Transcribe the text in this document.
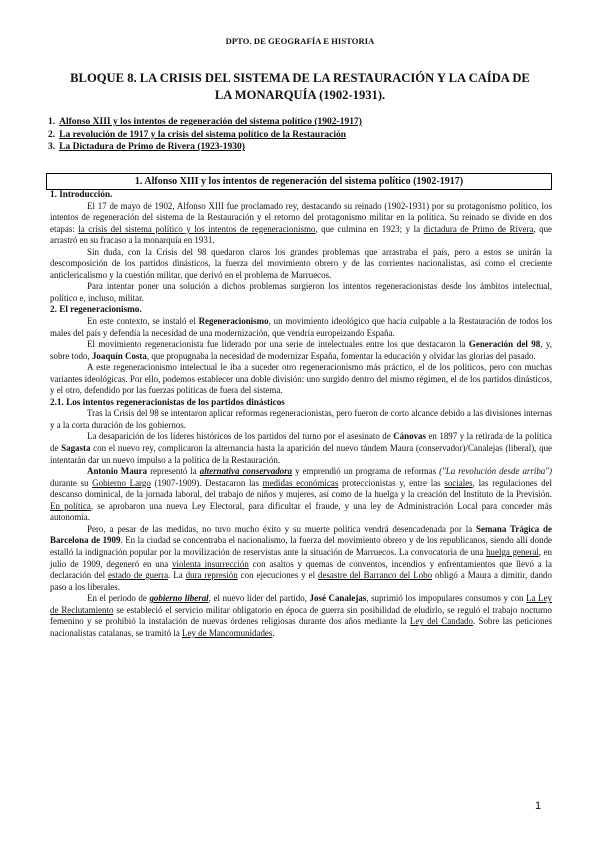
DPTO. DE GEOGRAFÍA E HISTORIA
BLOQUE 8. LA CRISIS DEL SISTEMA DE LA RESTAURACIÓN Y LA CAÍDA DE
LA MONARQUÍA (1902-1931).
1. Alfonso XIII y los intentos de regeneración del sistema político (1902-1917)
2. La revolución de 1917 y la crisis del sistema político de la Restauración
3. La Dictadura de Primo de Rivera (1923-1930)
1. Alfonso XIII y los intentos de regeneración del sistema político (1902-1917)
1. Introducción.

El 17 de mayo de 1902, Alfonso XIII fue proclamado rey, destacando su reinado (1902-1931) por su protagonismo político, los intentos de regeneración del sistema de la Restauración y el retorno del protagonismo militar en la política. Su reinado se divide en dos etapas: la crisis del sistema político y los intentos de regeneracionismo, que culmina en 1923; y la dictadura de Primo de Rivera, que arrastró en su fracaso a la monarquía en 1931.

Sin duda, con la Crisis del 98 quedaron claros los grandes problemas que arrastraba el país, pero a estos se unirán la descomposición de los partidos dinásticos, la fuerza del movimiento obrero y de las corrientes nacionalistas, así como el creciente anticlericalismo y la cuestión militar, que derivó en el problema de Marruecos.

Para intentar poner una solución a dichos problemas surgieron los intentos regeneracionistas desde los ámbitos intelectual, político e, incluso, militar.

2. El regeneracionismo.

En este contexto, se instaló el Regeneracionismo, un movimiento ideológico que hacía culpable a la Restauración de todos los males del país y defendía la necesidad de una modernización, que vendría europeizando España.

El movimiento regeneracionista fue liderado por una serie de intelectuales entre los que destacaron la Generación del 98, y, sobre todo, Joaquín Costa, que propugnaba la necesidad de modernizar España, fomentar la educación y olvidar las glorias del pasado.

A este regeneracionismo intelectual le iba a suceder otro regeneracionismo más práctico, el de los políticos, pero con muchas variantes ideológicas. Por ello, podemos establecer una doble división: uno surgido dentro del mismo régimen, el de los partidos dinásticos, y el otro, defendido por las fuerzas políticas de fuera del sistema.

2.1. Los intentos regeneracionistas de los partidos dinásticos

Tras la Crisis del 98 se intentaron aplicar reformas regeneracionistas, pero fueron de corto alcance debido a las divisiones internas y a la corta duración de los gobiernos.

La desaparición de los líderes históricos de los partidos del turno por el asesinato de Cánovas en 1897 y la retirada de la política de Sagasta con el nuevo rey, complicaron la alternancia hasta la aparición del nuevo tándem Maura (conservador)/Canalejas (liberal), que intentarán dar un nuevo impulso a la política de la Restauración.

Antonio Maura representó la alternativa conservadora y emprendió un programa de reformas ("La revolución desde arriba") durante su Gobierno Largo (1907-1909). Destacaron las medidas económicas proteccionistas y, entre las sociales, las regulaciones del descanso dominical, de la jornada laboral, del trabajo de niños y mujeres, así como de la huelga y la creación del Instituto de la Previsión. En política, se aprobaron una nueva Ley Electoral, para dificultar el fraude, y una ley de Administración Local para conceder más autonomía.

Pero, a pesar de las medidas, no tuvo mucho éxito y su muerte política vendrá desencadenada por la Semana Trágica de Barcelona de 1909. En la ciudad se concentraba el nacionalismo, la fuerza del movimiento obrero y de los republicanos, siendo allí donde estalló la indignación popular por la movilización de reservistas ante la situación de Marruecos. La convocatoria de una huelga general, en julio de 1909, degeneró en una violenta insurrección con asaltos y quemas de conventos, incendios y enfrentamientos que llevó a la declaración del estado de guerra. La dura represión con ejecuciones y el desastre del Barranco del Lobo obligó a Maura a dimitir, dando paso a los liberales.

En el periodo de gobierno liberal, el nuevo líder del partido, José Canalejas, suprimió los impopulares consumos y con La Ley de Reclutamiento se estableció el servicio militar obligatorio en época de guerra sin posibilidad de eludirlo, se reguló el trabajo nocturno femenino y se prohibió la instalación de nuevas órdenes religiosas durante dos años mediante la Ley del Candado. Sobre las peticiones nacionalistas catalanas, se tramitó la Ley de Mancomunidades.

1
